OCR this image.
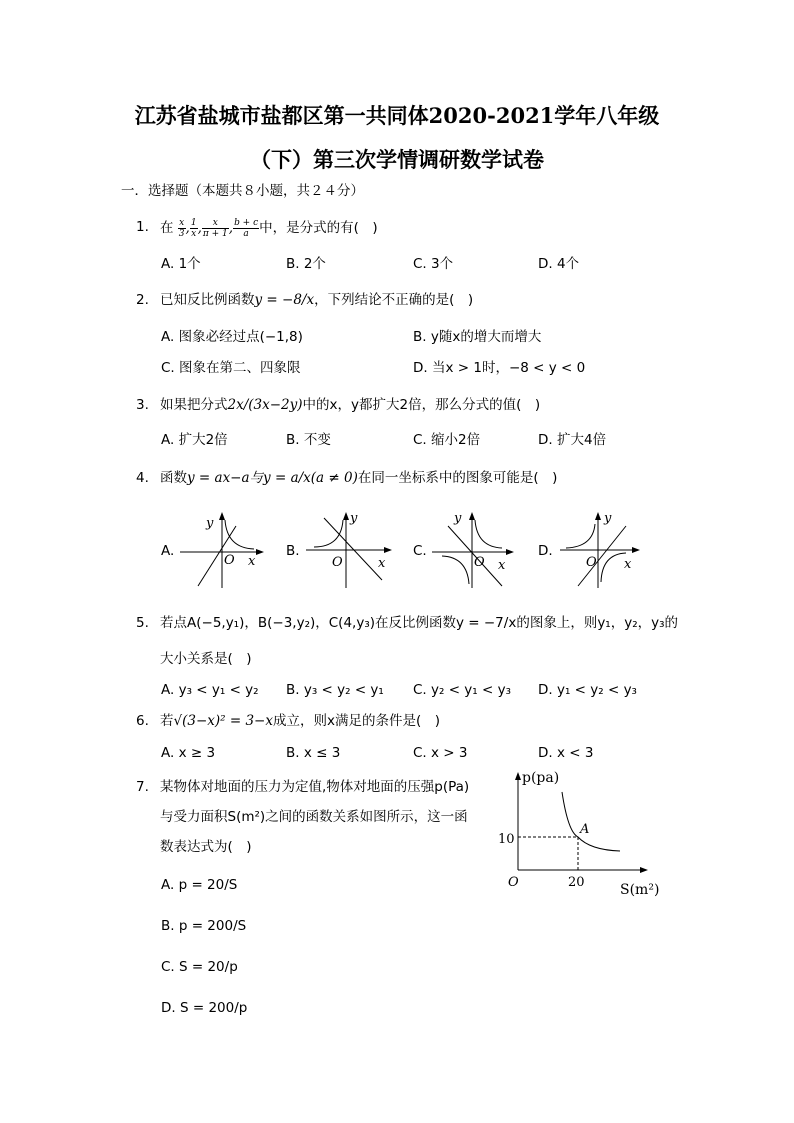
江苏省盐城市盐都区第一共同体2020-2021学年八年级
（下）第三次学情调研数学试卷
一．选择题（本题共８小题，共２４分）
1. 在 $\frac{x}{3}$ , $\frac{1}{x}$ , $\frac{x}{\pi + 1}$ , $\frac{b + c}{a}$ 中，是分式的有(　)
A. 1个	B. 2个	C. 3个	D. 4个
2. 已知反比例函数y = −8/x，下列结论不正确的是(　)
A. 图象必经过点(−1,8)	B. y随x的增大而增大
C. 图象在第二、四象限	D. 当x > 1时，−8 < y < 0
3. 如果把分式2x/(3x−2y)中的x，y都扩大2倍，那么分式的值(　)
A. 扩大2倍	B. 不变	C. 缩小2倍	D. 扩大4倍
4. 函数y = ax−a与y = a/x(a ≠ 0)在同一坐标系中的图象可能是(　)
A.
y
O x
B.
y
O	x
C.
y
O x
D.
y
O x
5. 若点A(−5,y₁)，B(−3,y₂)，C(4,y₃)在反比例函数y = −7/x的图象上，则y₁，y₂，y₃的
大小关系是(　)
A. y₃ < y₁ < y₂ B. y₃ < y₂ < y₁ C. y₂ < y₁ < y₃ D. y₁ < y₂ < y₃
6. 若√(3−x)² = 3−x成立，则x满足的条件是(　)
A. x ≥ 3	B. x ≤ 3	C. x > 3	D. x < 3
7. 某物体对地面的压力为定值,物体对地面的压强p(Pa)
与受力面积S(m²)之间的函数关系如图所示，这一函
数表达式为(　)
A. p = 20/S
B. p = 200/S
C. S = 20/p
D. S = 200/p
p(pa)
10
A
O	20	S(m²)
